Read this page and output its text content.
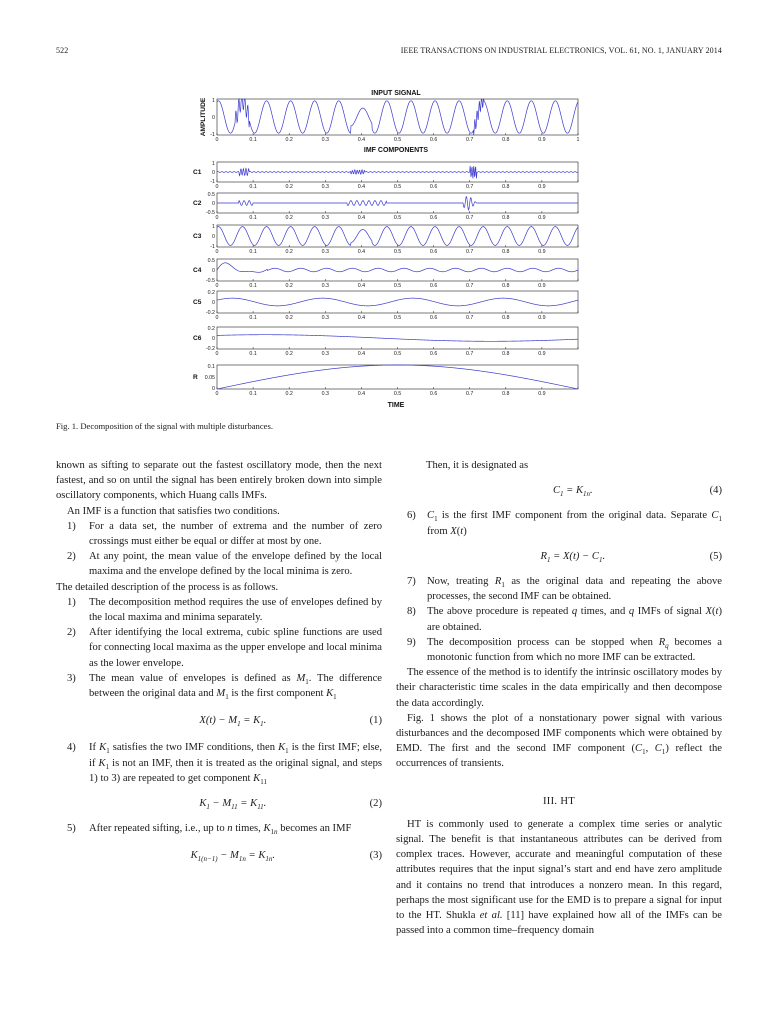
522	IEEE TRANSACTIONS ON INDUSTRIAL ELECTRONICS, VOL. 61, NO. 1, JANUARY 2014
INPUT SIGNAL
IMF COMPONENTS
AMPLITUDE
TIME
1
0
-1
0	0.1	0.2	0.3	0.4	0.5	0.6	0.7	0.8	0.9	1
1
0
-1
C1
0	0.1	0.2	0.3	0.4	0.5	0.6	0.7	0.8	0.9
0.5
0
-0.5
C2
0	0.1	0.2	0.3	0.4	0.5	0.6	0.7	0.8	0.9
1
0
-1
C3
0	0.1	0.2	0.3	0.4	0.5	0.6	0.7	0.8	0.9
0.5
0
-0.5
C4
0	0.1	0.2	0.3	0.4	0.5	0.6	0.7	0.8	0.9
0.2
0
-0.2
C5
0	0.1	0.2	0.3	0.4	0.5	0.6	0.7	0.8	0.9
0.2
0
-0.2
C6
0	0.1	0.2	0.3	0.4	0.5	0.6	0.7	0.8	0.9
0.1
0.05
0
R
0	0.1	0.2	0.3	0.4	0.5	0.6	0.7	0.8	0.9
Fig. 1. Decomposition of the signal with multiple disturbances.

known as sifting to separate out the fastest oscillatory mode, then the next fastest, and so on until the signal has been entirely broken down into simple oscillatory components, which Huang calls IMFs.

An IMF is a function that satisfies two conditions.

1)	For a data set, the number of extrema and the number of zero crossings must either be equal or differ at most by one.
2)	At any point, the mean value of the envelope defined by the local maxima and the envelope defined by the local minima is zero.

The detailed description of the process is as follows.

1)	The decomposition method requires the use of envelopes defined by the local maxima and minima separately.
2)	After identifying the local extrema, cubic spline functions are used for connecting local maxima as the upper envelope and local minima as the lower envelope.
3)	The mean value of envelopes is defined as $M_1$. The difference between the original data and $M_1$ is the first component $K_1$
$X(t) - M_1 = K_1$.	(1)
4)	If $K_1$ satisfies the two IMF conditions, then $K_1$ is the first IMF; else, if $K_1$ is not an IMF, then it is treated as the original signal, and steps 1) to 3) are repeated to get component $K_{11}$
$K_1 - M_{11} = K_{11}$.	(2)
5)	After repeated sifting, i.e., up to n times, $K_{1n}$ becomes an IMF
$K_{1(n-1)} - M_{1n} = K_{1n}$.	(3)

Then, it is designated as

$C_1 = K_{1n}$.	(4)
6)	$C_1$ is the first IMF component from the original data. Separate $C_1$ from X(t)
$R_1 = X(t) - C_1$.	(5)
7)	Now, treating $R_1$ as the original data and repeating the above processes, the second IMF can be obtained.
8)	The above procedure is repeated q times, and q IMFs of signal X(t) are obtained.
9)	The decomposition process can be stopped when $R_q$ becomes a monotonic function from which no more IMF can be extracted.

The essence of the method is to identify the intrinsic oscillatory modes by their characteristic time scales in the data empirically and then decompose the data accordingly.

Fig. 1 shows the plot of a nonstationary power signal with various disturbances and the decomposed IMF components which were obtained by EMD. The first and the second IMF component ($C_1$, $C_1$) reflect the occurrences of transients.

III. HT

HT is commonly used to generate a complex time series or analytic signal. The benefit is that instantaneous attributes can be derived from complex traces. However, accurate and meaningful computation of these attributes requires that the input signal’s start and end have zero amplitude and it contains no trend that introduces a nonzero mean. In this regard, perhaps the most significant use for the EMD is to prepare a signal for input to the HT. Shukla et al. [11] have explained how all of the IMFs can be passed into a common time–frequency domain
